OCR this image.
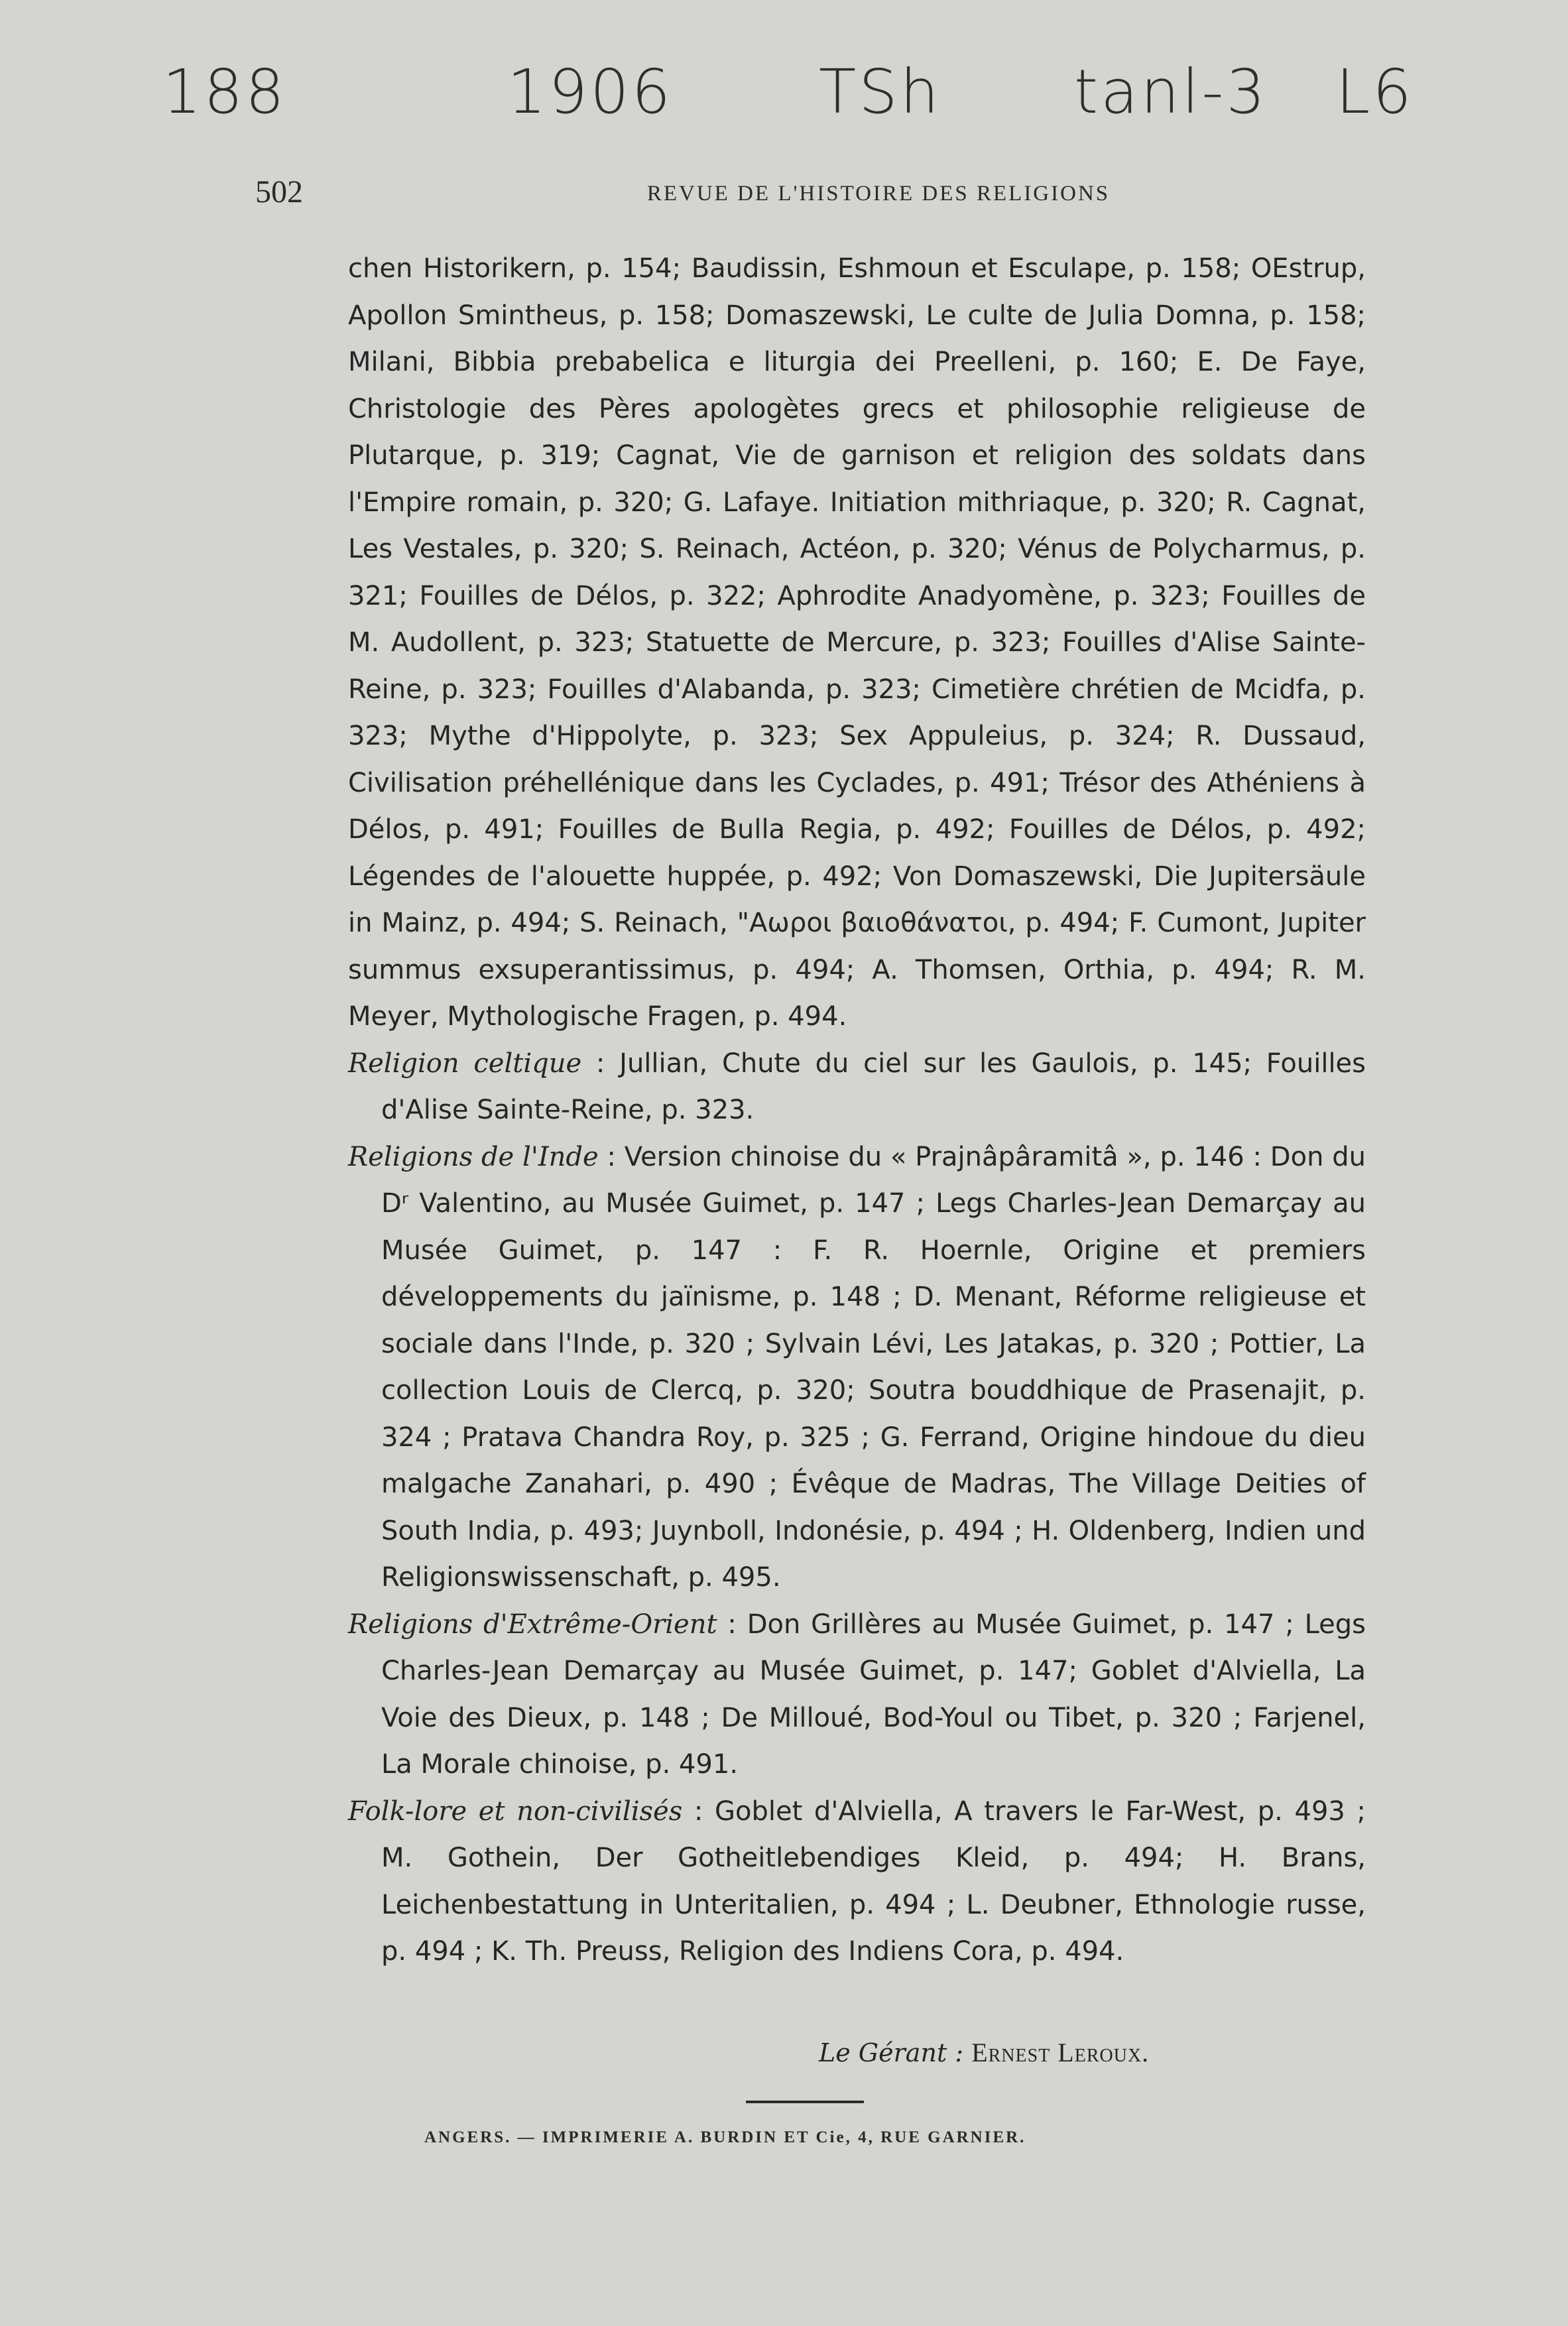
188	1906 TSh tanl-3 L6
502	REVUE DE L'HISTOIRE DES RELIGIONS

chen Historikern, p. 154; Baudissin, Eshmoun et Esculape, p. 158; OEstrup, Apollon Smintheus, p. 158; Domaszewski, Le culte de Julia Domna, p. 158; Milani, Bibbia prebabelica e liturgia dei Preelleni, p. 160; E. De Faye, Christologie des Pères apologètes grecs et philosophie religieuse de Plutarque, p. 319; Cagnat, Vie de garnison et religion des soldats dans l'Empire romain, p. 320; G. Lafaye. Initiation mithriaque, p. 320; R. Cagnat, Les Vestales, p. 320; S. Reinach, Actéon, p. 320; Vénus de Polycharmus, p. 321; Fouilles de Délos, p. 322; Aphrodite Anadyomène, p. 323; Fouilles de M. Audollent, p. 323; Statuette de Mercure, p. 323; Fouilles d'Alise Sainte-Reine, p. 323; Fouilles d'Alabanda, p. 323; Cimetière chrétien de Mcidfa, p. 323; Mythe d'Hippolyte, p. 323; Sex Appuleius, p. 324; R. Dussaud, Civilisation préhellénique dans les Cyclades, p. 491; Trésor des Athéniens à Délos, p. 491; Fouilles de Bulla Regia, p. 492; Fouilles de Délos, p. 492; Légendes de l'alouette huppée, p. 492; Von Domaszewski, Die Jupitersäule in Mainz, p. 494; S. Reinach, "Αωροι βαιοθάνατοι, p. 494; F. Cumont, Jupiter summus exsuperantissimus, p. 494; A. Thomsen, Orthia, p. 494; R. M. Meyer, Mythologische Fragen, p. 494.

Religion celtique : Jullian, Chute du ciel sur les Gaulois, p. 145; Fouilles d'Alise Sainte-Reine, p. 323.

Religions de l'Inde : Version chinoise du « Prajnâpâramitâ », p. 146 : Don du Dʳ Valentino, au Musée Guimet, p. 147 ; Legs Charles-Jean Demarçay au Musée Guimet, p. 147 : F. R. Hoernle, Origine et premiers développements du jaïnisme, p. 148 ; D. Menant, Réforme religieuse et sociale dans l'Inde, p. 320 ; Sylvain Lévi, Les Jatakas, p. 320 ; Pottier, La collection Louis de Clercq, p. 320; Soutra bouddhique de Prasenajit, p. 324 ; Pratava Chandra Roy, p. 325 ; G. Ferrand, Origine hindoue du dieu malgache Zanahari, p. 490 ; Évêque de Madras, The Village Deities of South India, p. 493; Juynboll, Indonésie, p. 494 ; H. Oldenberg, Indien und Religionswissenschaft, p. 495.

Religions d'Extrême-Orient : Don Grillères au Musée Guimet, p. 147 ; Legs Charles-Jean Demarçay au Musée Guimet, p. 147; Goblet d'Alviella, La Voie des Dieux, p. 148 ; De Milloué, Bod-Youl ou Tibet, p. 320 ; Farjenel, La Morale chinoise, p. 491.

Folk-lore et non-civilisés : Goblet d'Alviella, A travers le Far-West, p. 493 ; M. Gothein, Der Gotheitlebendiges Kleid, p. 494; H. Brans, Leichenbestattung in Unteritalien, p. 494 ; L. Deubner, Ethnologie russe, p. 494 ; K. Th. Preuss, Religion des Indiens Cora, p. 494.

Le Gérant : Ernest Leroux.
ANGERS. — IMPRIMERIE A. BURDIN ET Cie, 4, RUE GARNIER.
